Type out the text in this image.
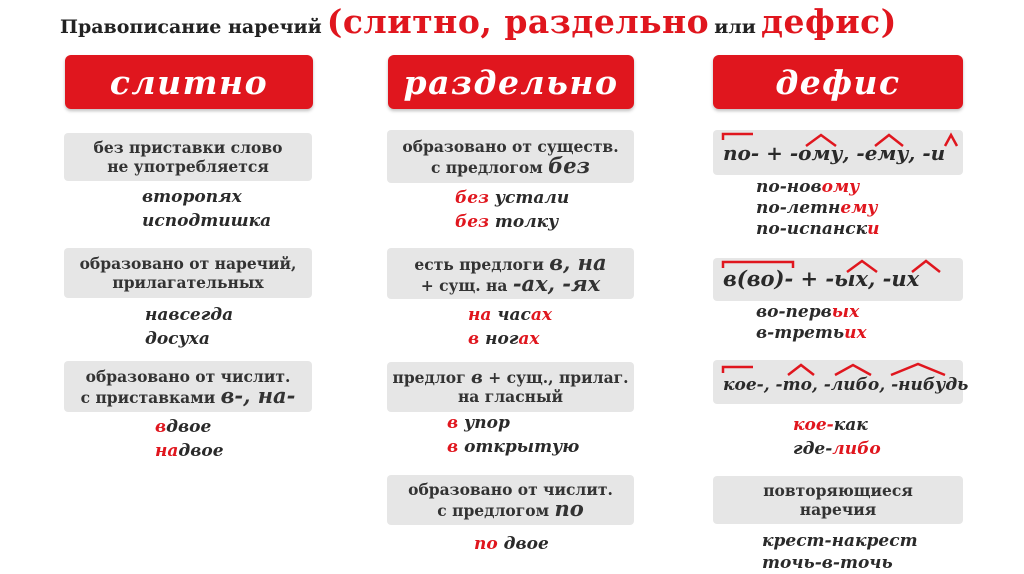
Правописание наречий (слитно, раздельно или дефис)
слитно	раздельно	дефис
без приставки слово
не употребляется
второпях
исподтишка
образовано от наречий,
прилагательных
навсегда
досуха
образовано от числит.
с приставками в-, на-
вдвое
надвое
образовано от существ.
с предлогом без
без устали
без толку
есть предлоги в, на
+ сущ. на -ах, -ях
на часах
в ногах
предлог в + сущ., прилаг.
на гласный
в упор
в открытую
образовано от числит.
с предлогом по
по двое
по- + -ому, -ему, -и
по-новому
по-летнему
по-испански
в(во)- + -ых, -их
во-первых
в-третьих
кое-, -то, -либо, -нибудь
кое-как
где-либо
повторяющиеся
наречия
крест-накрест
точь-в-точь
